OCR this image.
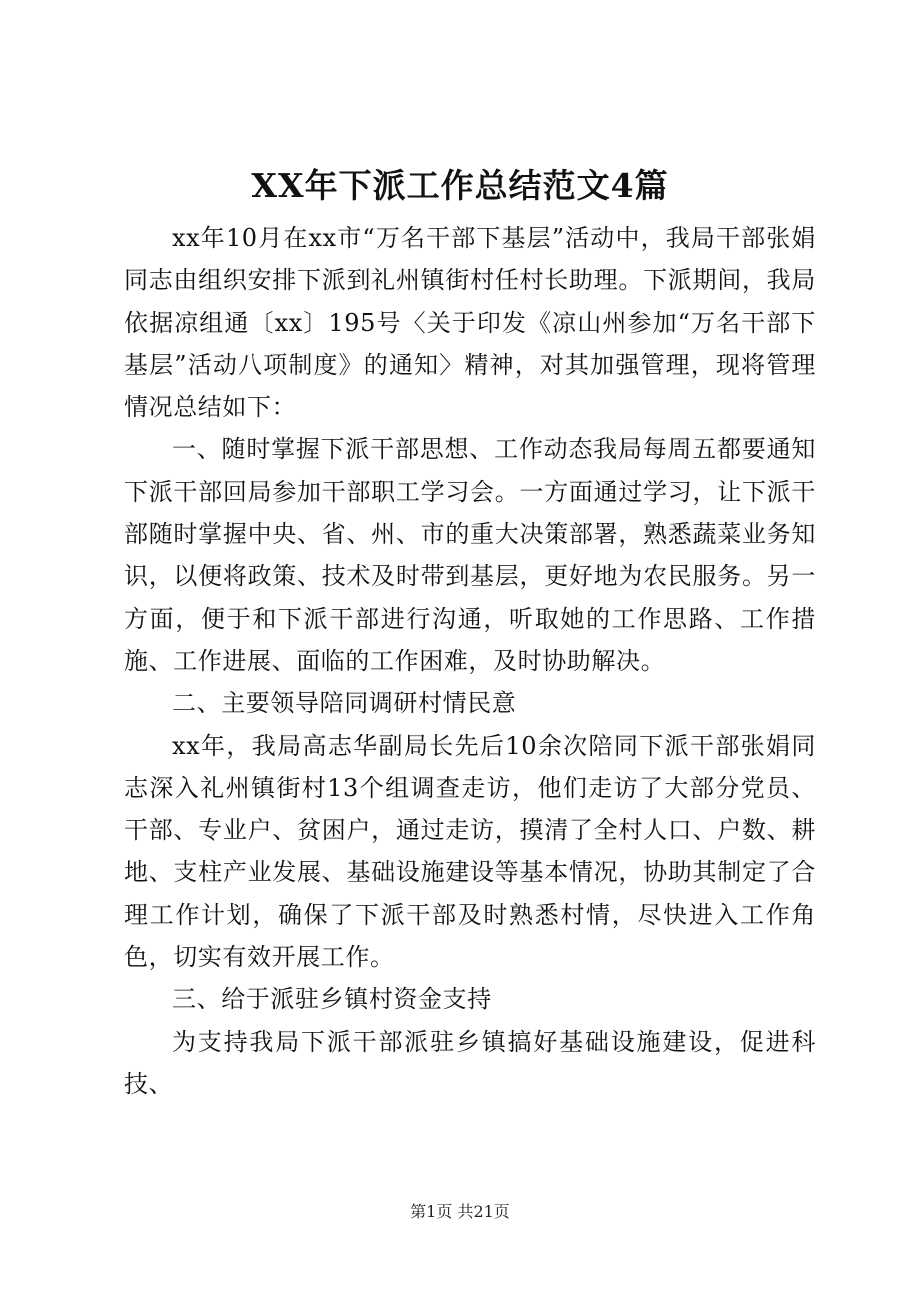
XX年下派工作总结范文4篇

xx年10月在xx市“万名干部下基层”活动中，我局干部张娟同志由组织安排下派到礼州镇街村任村长助理。下派期间，我局依据凉组通〔xx〕195号〈关于印发《凉山州参加“万名干部下基层”活动八项制度》的通知〉精神，对其加强管理，现将管理情况总结如下：

一、随时掌握下派干部思想、工作动态我局每周五都要通知下派干部回局参加干部职工学习会。一方面通过学习，让下派干部随时掌握中央、省、州、市的重大决策部署，熟悉蔬菜业务知识，以便将政策、技术及时带到基层，更好地为农民服务。另一方面，便于和下派干部进行沟通，听取她的工作思路、工作措施、工作进展、面临的工作困难，及时协助解决。

二、主要领导陪同调研村情民意

xx年，我局高志华副局长先后10余次陪同下派干部张娟同志深入礼州镇街村13个组调查走访，他们走访了大部分党员、干部、专业户、贫困户，通过走访，摸清了全村人口、户数、耕地、支柱产业发展、基础设施建设等基本情况，协助其制定了合理工作计划，确保了下派干部及时熟悉村情，尽快进入工作角色，切实有效开展工作。

三、给于派驻乡镇村资金支持

为支持我局下派干部派驻乡镇搞好基础设施建设，促进科技、

第1页 共21页
